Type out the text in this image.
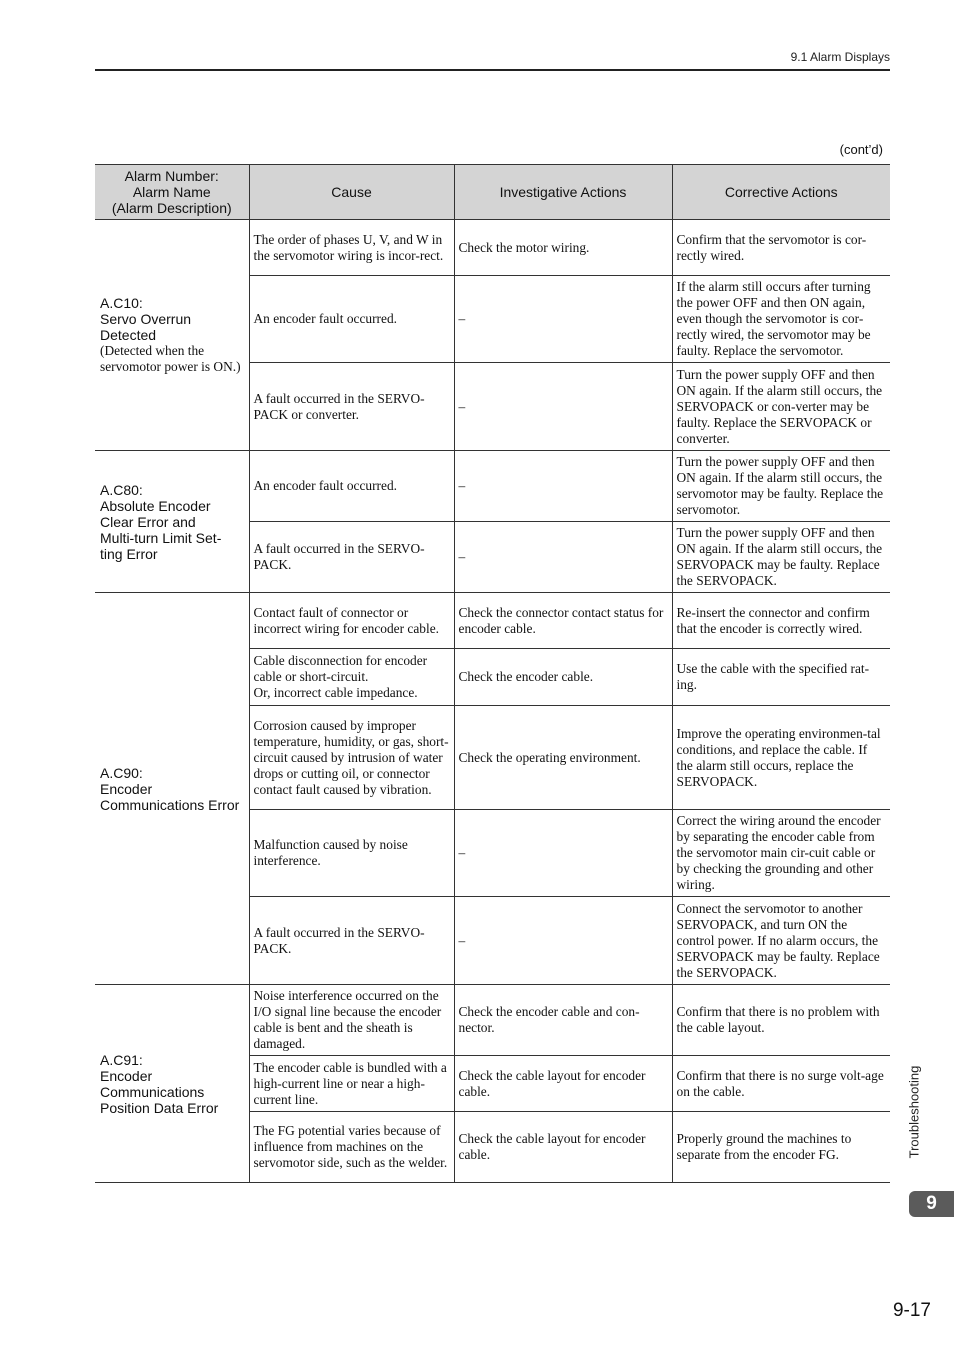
9.1 Alarm Displays
(cont’d)
Alarm Number:
Alarm Name
(Alarm Description)	Cause	Investigative Actions	Corrective Actions

A.C10:
Servo Overrun
Detected
(Detected when the servomotor power is ON.)	The order of phases U, V, and W in the servomotor wiring is incor-rect.	Check the motor wiring.	Confirm that the servomotor is cor-rectly wired.
	An encoder fault occurred.	–	If the alarm still occurs after turning the power OFF and then ON again, even though the servomotor is cor-rectly wired, the servomotor may be faulty. Replace the servomotor.
	A fault occurred in the SERVO-PACK or converter.	–	Turn the power supply OFF and then ON again. If the alarm still occurs, the SERVOPACK or con-verter may be faulty. Replace the SERVOPACK or converter.

A.C80:
Absolute Encoder
Clear Error and
Multi-turn Limit Set-
ting Error	An encoder fault occurred.	–	Turn the power supply OFF and then ON again. If the alarm still occurs, the servomotor may be faulty. Replace the servomotor.
	A fault occurred in the SERVO-PACK.	–	Turn the power supply OFF and then ON again. If the alarm still occurs, the SERVOPACK may be faulty. Replace the SERVOPACK.

A.C90:
Encoder
Communications Error	Contact fault of connector or incorrect wiring for encoder cable.	Check the connector contact status for encoder cable.	Re-insert the connector and confirm that the encoder is correctly wired.
	Cable disconnection for encoder cable or short-circuit.
Or, incorrect cable impedance.	Check the encoder cable.	Use the cable with the specified rat-ing.
	Corrosion caused by improper temperature, humidity, or gas, short-circuit caused by intrusion of water drops or cutting oil, or connector contact fault caused by vibration.	Check the operating environment.	Improve the operating environmen-tal conditions, and replace the cable. If the alarm still occurs, replace the SERVOPACK.
	Malfunction caused by noise interference.	–	Correct the wiring around the encoder by separating the encoder cable from the servomotor main cir-cuit cable or by checking the grounding and other wiring.
	A fault occurred in the SERVO-PACK.	–	Connect the servomotor to another SERVOPACK, and turn ON the control power. If no alarm occurs, the SERVOPACK may be faulty. Replace the SERVOPACK.

A.C91:
Encoder
Communications
Position Data Error	Noise interference occurred on the I/O signal line because the encoder cable is bent and the sheath is damaged.	Check the encoder cable and con-nector.	Confirm that there is no problem with the cable layout.
	The encoder cable is bundled with a high-current line or near a high-current line.	Check the cable layout for encoder cable.	Confirm that there is no surge volt-age on the cable.
	The FG potential varies because of influence from machines on the servomotor side, such as the welder.	Check the cable layout for encoder cable.	Properly ground the machines to separate from the encoder FG.	Troubleshooting
9
9-17
